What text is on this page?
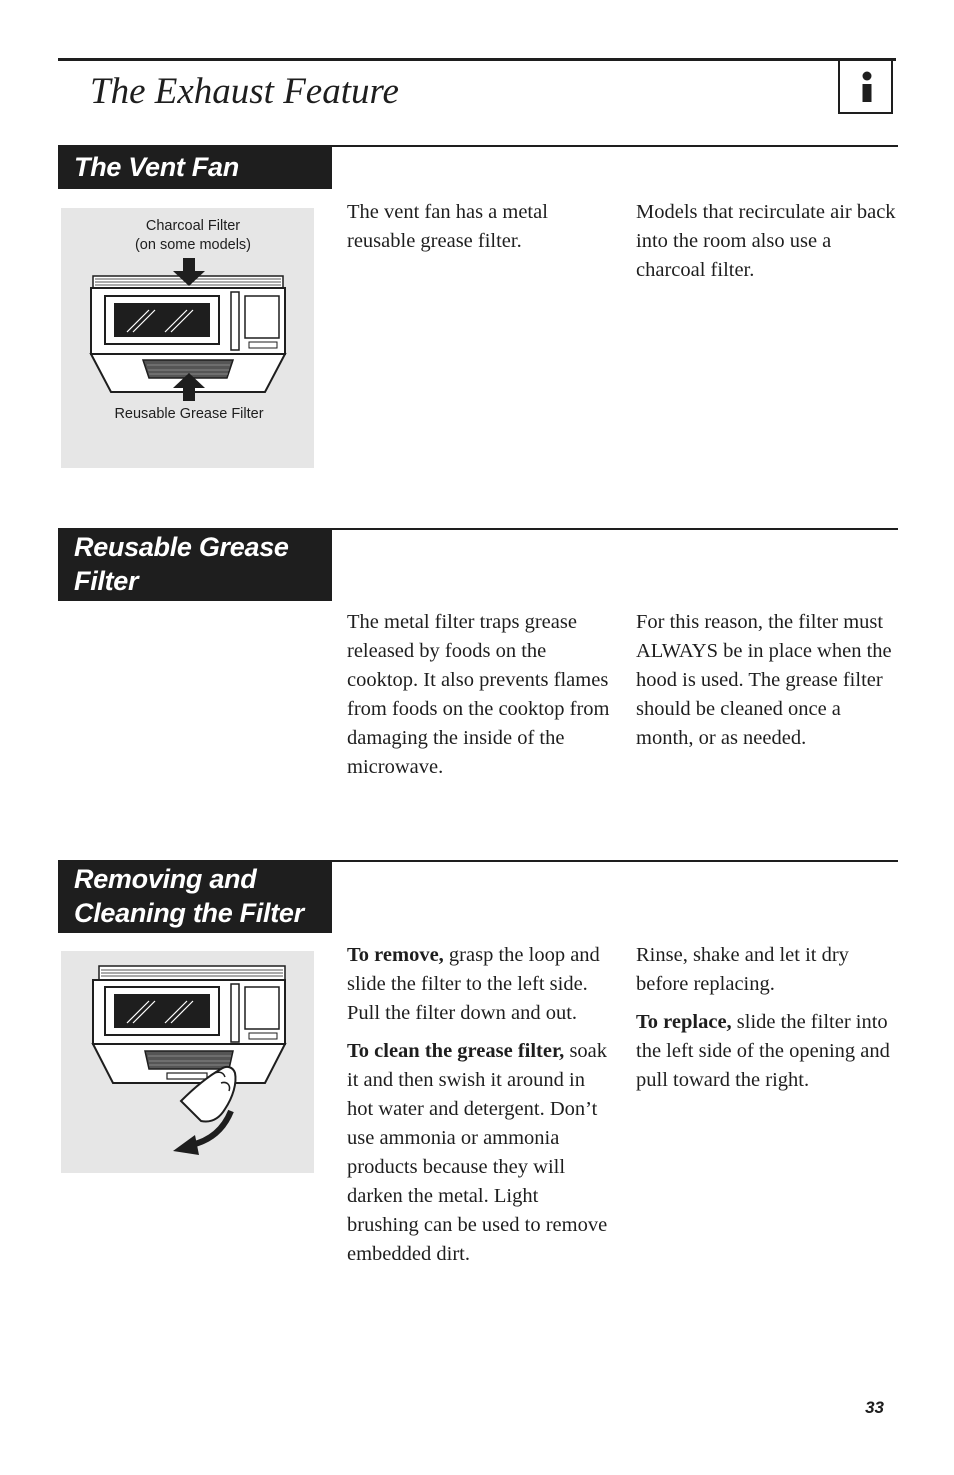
The Exhaust Feature
The Vent Fan
Charcoal Filter
(on some models)
Reusable Grease Filter

The vent fan has a metal reusable grease filter.

Models that recirculate air back into the room also use a charcoal filter.

Reusable Grease
Filter

The metal filter traps grease released by foods on the cooktop. It also prevents flames from foods on the cooktop from damaging the inside of the microwave.

For this reason, the filter must ALWAYS be in place when the hood is used. The grease filter should be cleaned once a month, or as needed.

Removing and
Cleaning the Filter

To remove, grasp the loop and slide the filter to the left side. Pull the filter down and out.

To clean the grease filter, soak it and then swish it around in hot water and detergent. Don’t use ammonia or ammonia products because they will darken the metal. Light brushing can be used to remove embedded dirt.

Rinse, shake and let it dry before replacing.

To replace, slide the filter into the left side of the opening and pull toward the right.

33
